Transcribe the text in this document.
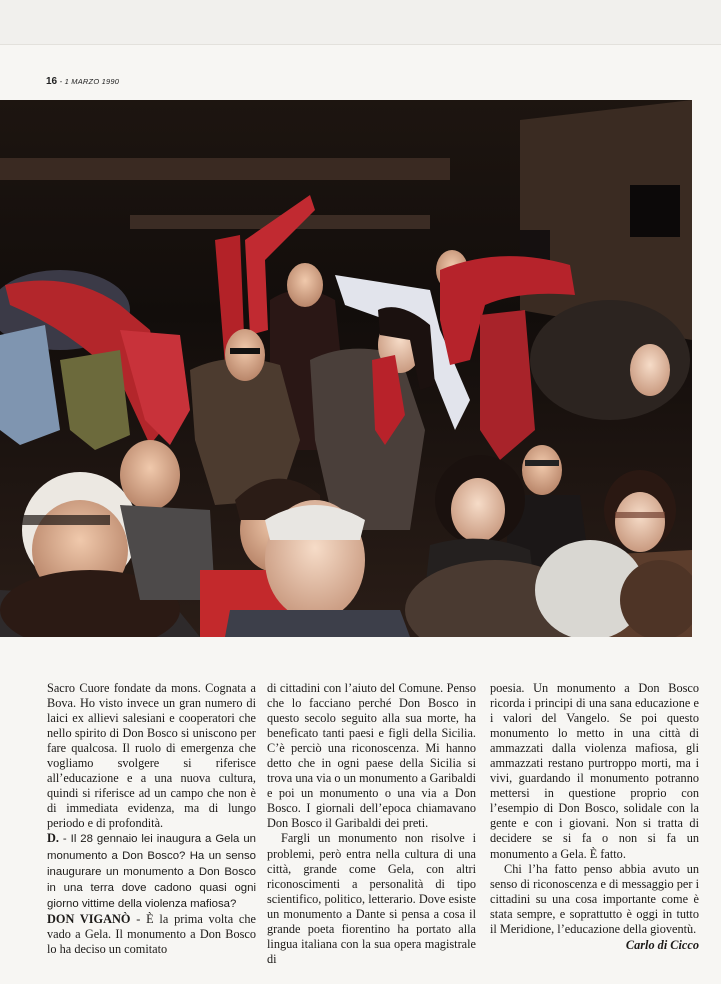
16 - 1 MARZO 1990

Sacro Cuore fondate da mons. Cognata a Bova. Ho visto invece un gran numero di laici ex allievi salesiani e cooperatori che nello spirito di Don Bosco si uniscono per fare qualcosa. Il ruolo di emergenza che vogliamo svolgere si riferisce all’educazione e a una nuova cultura, quindi si riferisce ad un campo che non è di immediata evidenza, ma di lungo periodo e di profondità.

D. - Il 28 gennaio lei inaugura a Gela un monumento a Don Bosco? Ha un senso inaugurare un monumento a Don Bosco in una terra dove cadono quasi ogni giorno vittime della violenza mafiosa?

DON VIGANÒ - È la prima volta che vado a Gela. Il monumento a Don Bosco lo ha deciso un comitato

di cittadini con l’aiuto del Comune. Penso che lo facciano perché Don Bosco in questo secolo seguito alla sua morte, ha beneficato tanti paesi e figli della Sicilia. C’è perciò una riconoscenza. Mi hanno detto che in ogni paese della Sicilia si trova una via o un monumento a Garibaldi e poi un monumento o una via a Don Bosco. I giornali dell’epoca chiamavano Don Bosco il Garibaldi dei preti.

Fargli un monumento non risolve i problemi, però entra nella cultura di una città, grande come Gela, con altri riconoscimenti a personalità di tipo scientifico, politico, letterario. Dove esiste un monumento a Dante si pensa a cosa il grande poeta fiorentino ha portato alla lingua italiana con la sua opera magistrale di

poesia. Un monumento a Don Bosco ricorda i principi di una sana educazione e i valori del Vangelo. Se poi questo monumento lo metto in una città di ammazzati dalla violenza mafiosa, gli ammazzati restano purtroppo morti, ma i vivi, guardando il monumento potranno mettersi in questione proprio con l’esempio di Don Bosco, solidale con la gente e con i giovani. Non si tratta di decidere se si fa o non si fa un monumento a Gela. È fatto.

Chi l’ha fatto penso abbia avuto un senso di riconoscenza e di messaggio per i cittadini su una cosa importante come è stata sempre, e soprattutto è oggi in tutto il Meridione, l’educazione della gioventù.

Carlo di Cicco
